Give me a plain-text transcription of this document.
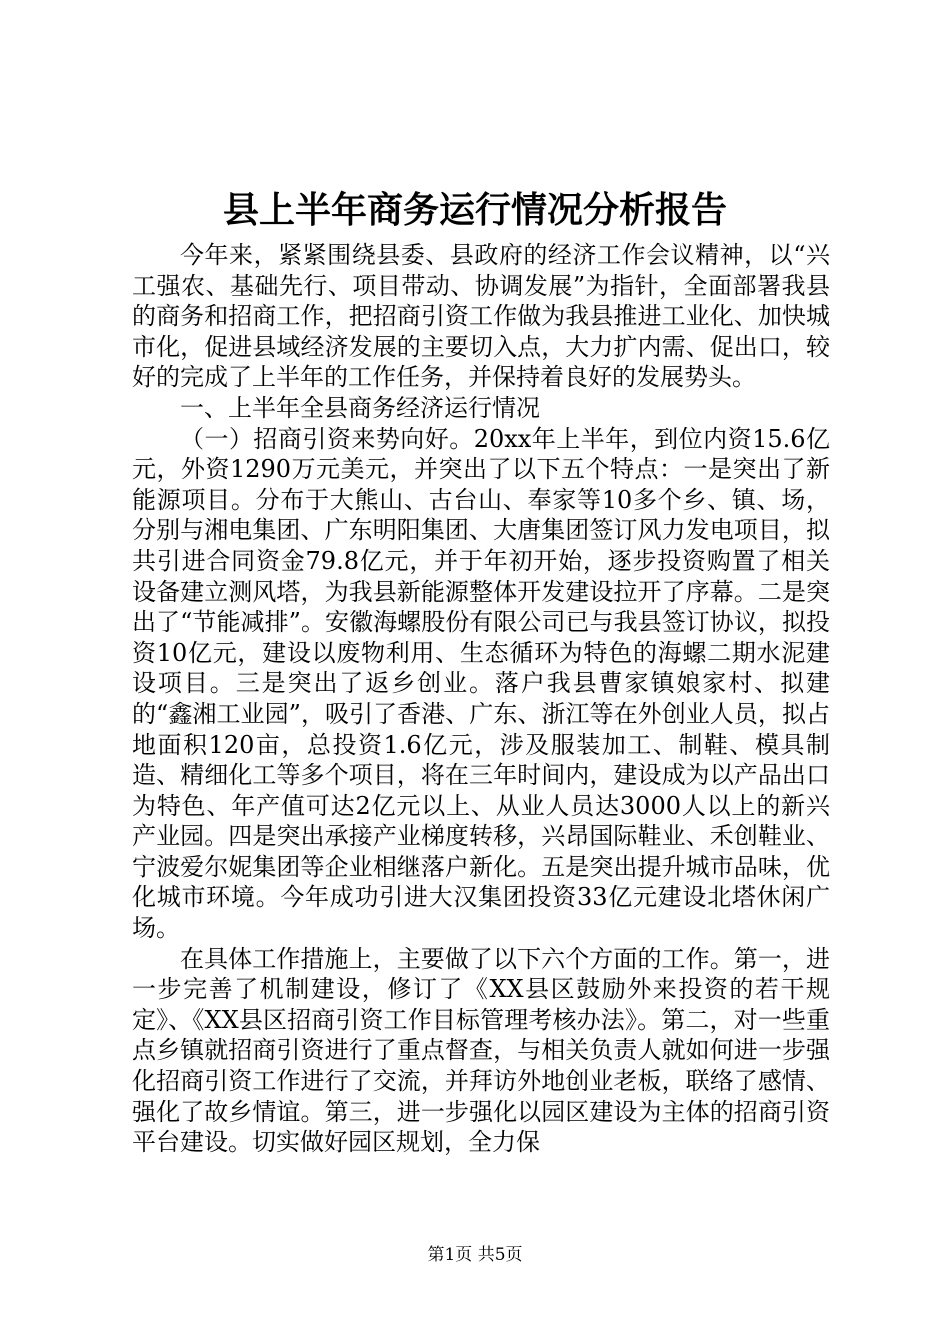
县上半年商务运行情况分析报告

今年来，紧紧围绕县委、县政府的经济工作会议精神，以“兴工强农、基础先行、项目带动、协调发展”为指针，全面部署我县的商务和招商工作，把招商引资工作做为我县推进工业化、加快城市化，促进县域经济发展的主要切入点，大力扩内需、促出口，较好的完成了上半年的工作任务，并保持着良好的发展势头。

一、上半年全县商务经济运行情况

（一）招商引资来势向好。20xx年上半年，到位内资15.6亿元，外资1290万元美元，并突出了以下五个特点：一是突出了新能源项目。分布于大熊山、古台山、奉家等10多个乡、镇、场，分别与湘电集团、广东明阳集团、大唐集团签订风力发电项目，拟共引进合同资金79.8亿元，并于年初开始，逐步投资购置了相关设备建立测风塔，为我县新能源整体开发建设拉开了序幕。二是突出了“节能减排”。安徽海螺股份有限公司已与我县签订协议，拟投资10亿元，建设以废物利用、生态循环为特色的海螺二期水泥建设项目。三是突出了返乡创业。落户我县曹家镇娘家村、拟建的“鑫湘工业园”，吸引了香港、广东、浙江等在外创业人员，拟占地面积120亩，总投资1.6亿元，涉及服装加工、制鞋、模具制造、精细化工等多个项目，将在三年时间内，建设成为以产品出口为特色、年产值可达2亿元以上、从业人员达3000人以上的新兴产业园。四是突出承接产业梯度转移，兴昂国际鞋业、禾创鞋业、宁波爱尔妮集团等企业相继落户新化。五是突出提升城市品味，优化城市环境。今年成功引进大汉集团投资33亿元建设北塔休闲广场。

在具体工作措施上，主要做了以下六个方面的工作。第一，进一步完善了机制建设，修订了《XX县区鼓励外来投资的若干规定》、《XX县区招商引资工作目标管理考核办法》。第二，对一些重点乡镇就招商引资进行了重点督查，与相关负责人就如何进一步强化招商引资工作进行了交流，并拜访外地创业老板，联络了感情、强化了故乡情谊。第三，进一步强化以园区建设为主体的招商引资平台建设。切实做好园区规划，全力保

第1页 共5页
